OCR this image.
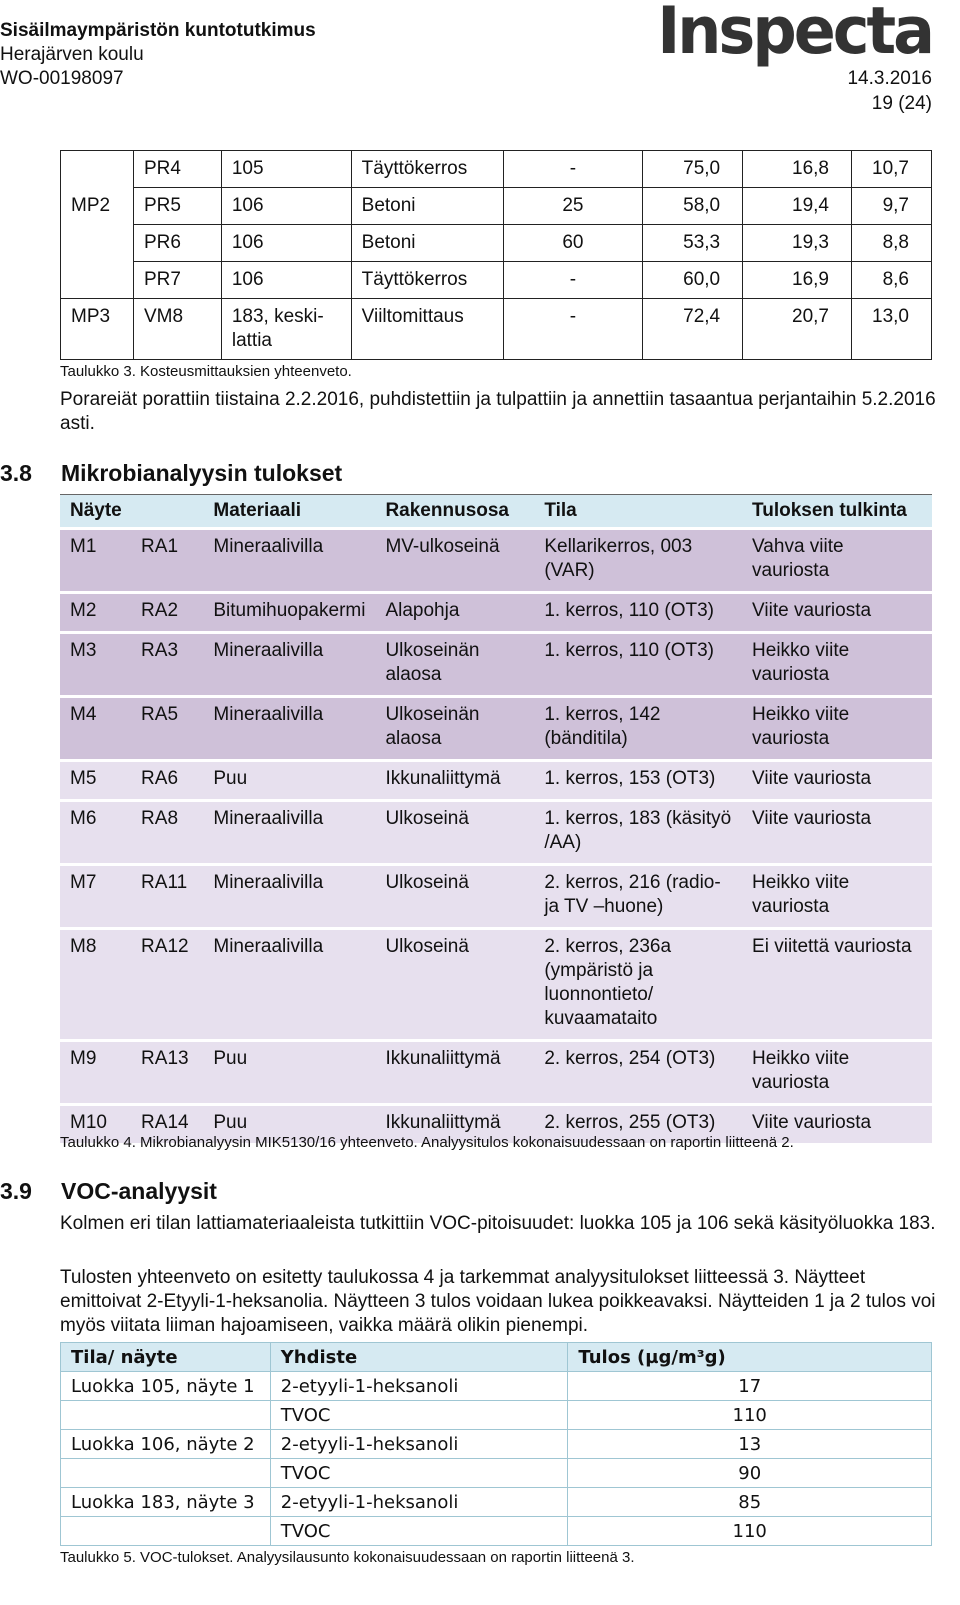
Sisäilmaympäristön kuntotutkimus
Herajärven koulu
WO-00198097
Inspecta
14.3.2016
19 (24)
	PR4	105	Täyttökerros	-	75,0	16,8	10,7
MP2	PR5	106	Betoni	25	58,0	19,4	9,7
	PR6	106	Betoni	60	53,3	19,3	8,8
	PR7	106	Täyttökerros	-	60,0	16,9	8,6
MP3	VM8	183, keski-lattia	Viiltomittaus	-	72,4	20,7	13,0
Taulukko 3. Kosteusmittauksien yhteenveto.
Porareiät porattiin tiistaina 2.2.2016, puhdistettiin ja tulpattiin ja annettiin tasaantua perjantaihin 5.2.2016 asti.
3.8 Mikrobianalyysin tulokset
Näyte		Materiaali	Rakennusosa	Tila	Tuloksen tulkinta
M1	RA1	Mineraalivilla	MV-ulkoseinä	Kellarikerros, 003 (VAR)	Vahva viite vauriosta
M2	RA2	Bitumihuopakermi	Alapohja	1. kerros, 110 (OT3)	Viite vauriosta
M3	RA3	Mineraalivilla	Ulkoseinän alaosa	1. kerros, 110 (OT3)	Heikko viite vauriosta
M4	RA5	Mineraalivilla	Ulkoseinän alaosa	1. kerros, 142 (bänditila)	Heikko viite vauriosta
M5	RA6	Puu	Ikkunaliittymä	1. kerros, 153 (OT3)	Viite vauriosta
M6	RA8	Mineraalivilla	Ulkoseinä	1. kerros, 183 (käsityö /AA)	Viite vauriosta
M7	RA11	Mineraalivilla	Ulkoseinä	2. kerros, 216 (radio-ja TV –huone)	Heikko viite vauriosta
M8	RA12	Mineraalivilla	Ulkoseinä	2. kerros, 236a (ympäristö ja luonnontieto/ kuvaamataito	Ei viitettä vauriosta
M9	RA13	Puu	Ikkunaliittymä	2. kerros, 254 (OT3)	Heikko viite vauriosta
M10	RA14	Puu	Ikkunaliittymä	2. kerros, 255 (OT3)	Viite vauriosta
Taulukko 4. Mikrobianalyysin MIK5130/16 yhteenveto. Analyysitulos kokonaisuudessaan on raportin liitteenä 2.
3.9 VOC-analyysit
Kolmen eri tilan lattiamateriaaleista tutkittiin VOC-pitoisuudet: luokka 105 ja 106 sekä käsityöluokka 183.
Tulosten yhteenveto on esitetty taulukossa 4 ja tarkemmat analyysitulokset liitteessä 3. Näytteet emittoivat 2-Etyyli-1-heksanolia. Näytteen 3 tulos voidaan lukea poikkeavaksi. Näytteiden 1 ja 2 tulos voi myös viitata liiman hajoamiseen, vaikka määrä olikin pienempi.
Tila/ näyte	Yhdiste	Tulos (µg/m³g)
Luokka 105, näyte 1	2-etyyli-1-heksanoli	17
	TVOC	110
Luokka 106, näyte 2	2-etyyli-1-heksanoli	13
	TVOC	90
Luokka 183, näyte 3	2-etyyli-1-heksanoli	85
	TVOC	110
Taulukko 5. VOC-tulokset. Analyysilausunto kokonaisuudessaan on raportin liitteenä 3.
